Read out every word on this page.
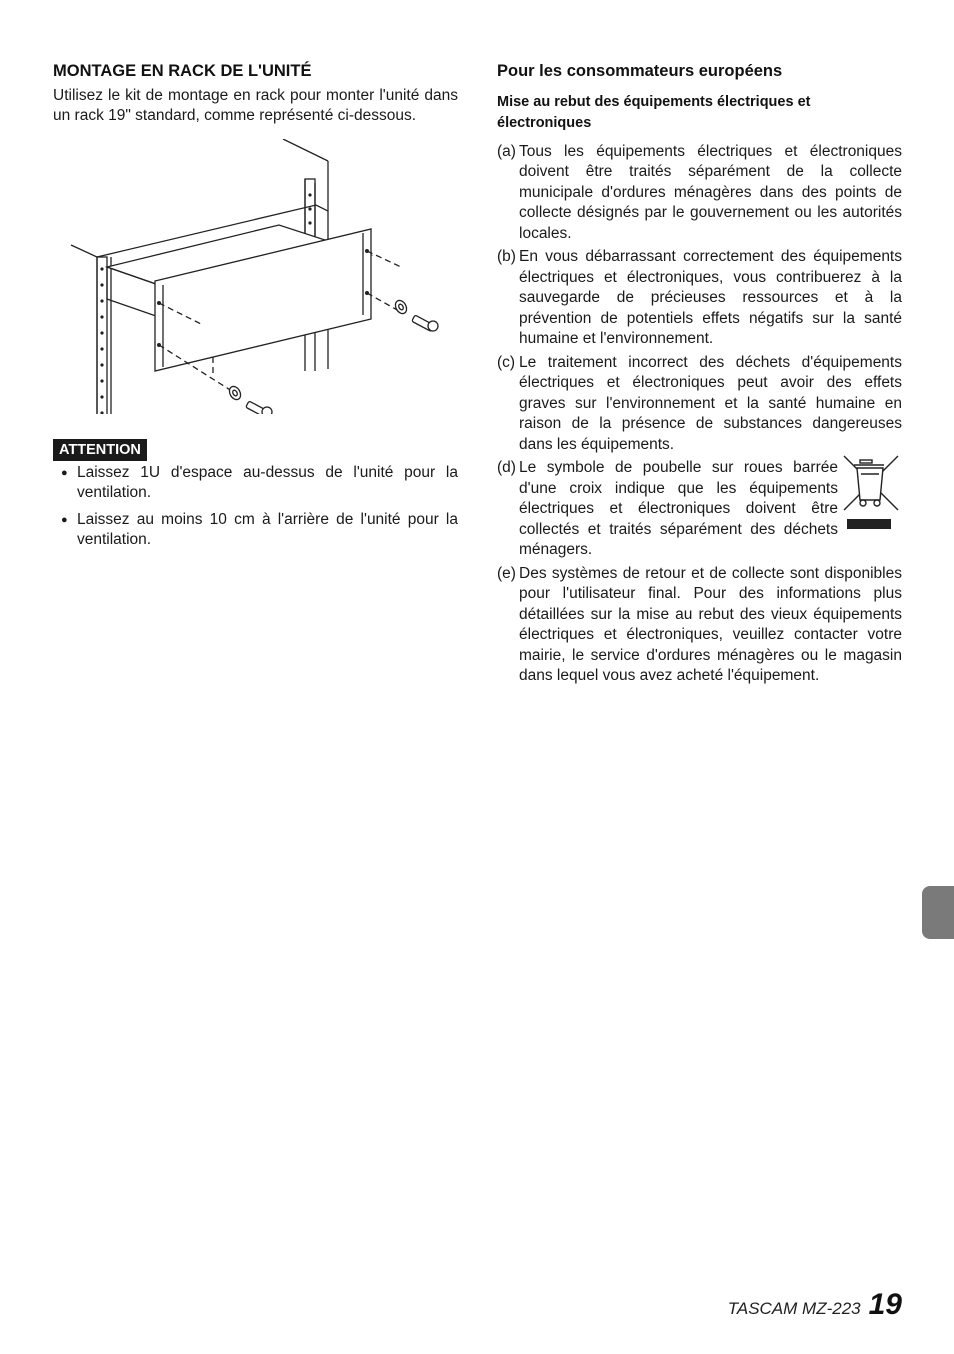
MONTAGE EN RACK DE L'UNITÉ

Utilisez le kit de montage en rack pour monter l'unité dans un rack 19" standard, comme représenté ci-dessous.

ATTENTION
● Laissez 1U d'espace au-dessus de l'unité pour la ventilation.
● Laissez au moins 10 cm à l'arrière de l'unité pour la ventilation.
Pour les consommateurs européens
Mise au rebut des équipements électriques et électroniques
(a) Tous les équipements électriques et électroniques doivent être traités séparément de la collecte municipale d'ordures ménagères dans des points de collecte désignés par le gouvernement ou les autorités locales.
(b) En vous débarrassant correctement des équipements électriques et électroniques, vous contribuerez à la sauvegarde de précieuses ressources et à la prévention de potentiels effets négatifs sur la santé humaine et l'environnement.
(c) Le traitement incorrect des déchets d'équipements électriques et électroniques peut avoir des effets graves sur l'environnement et la santé humaine en raison de la présence de substances dangereuses dans les équipements.
(d) Le symbole de poubelle sur roues barrée d'une croix indique que les équipements électriques et électroniques doivent être collectés et traités séparément des déchets ménagers.
(e) Des systèmes de retour et de collecte sont disponibles pour l'utilisateur final. Pour des informations plus détaillées sur la mise au rebut des vieux équipements électriques et électroniques, veuillez contacter votre mairie, le service d'ordures ménagères ou le magasin dans lequel vous avez acheté l'équipement.
TASCAM MZ-223 19
